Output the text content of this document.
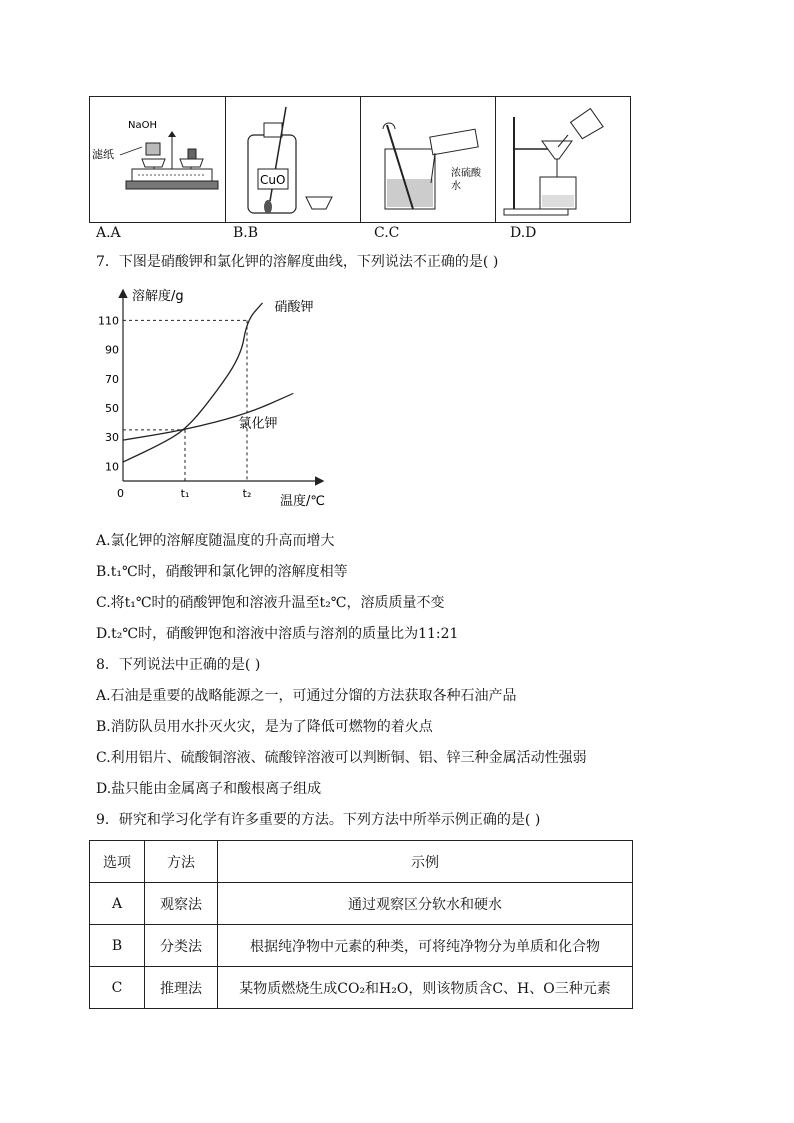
NaOH
滤纸
CuO	浓硫酸
水
A.A	B.B	C.C	D.D
7．下图是硝酸钾和氯化钾的溶解度曲线，下列说法不正确的是( )
溶解度/g
温度/℃
0
10
30
50
70
90
110
t₁	t₂
硝酸钾
氯化钾
A.氯化钾的溶解度随温度的升高而增大
B.t₁℃时，硝酸钾和氯化钾的溶解度相等
C.将t₁℃时的硝酸钾饱和溶液升温至t₂℃，溶质质量不变
D.t₂℃时，硝酸钾饱和溶液中溶质与溶剂的质量比为11:21
8．下列说法中正确的是( )
A.石油是重要的战略能源之一，可通过分馏的方法获取各种石油产品
B.消防队员用水扑灭火灾，是为了降低可燃物的着火点
C.利用铝片、硫酸铜溶液、硫酸锌溶液可以判断铜、铝、锌三种金属活动性强弱
D.盐只能由金属离子和酸根离子组成
9．研究和学习化学有许多重要的方法。下列方法中所举示例正确的是( )
选项	方法	示例
A	观察法	通过观察区分软水和硬水
B	分类法	根据纯净物中元素的种类，可将纯净物分为单质和化合物
C	推理法	某物质燃烧生成CO₂和H₂O，则该物质含C、H、O三种元素
